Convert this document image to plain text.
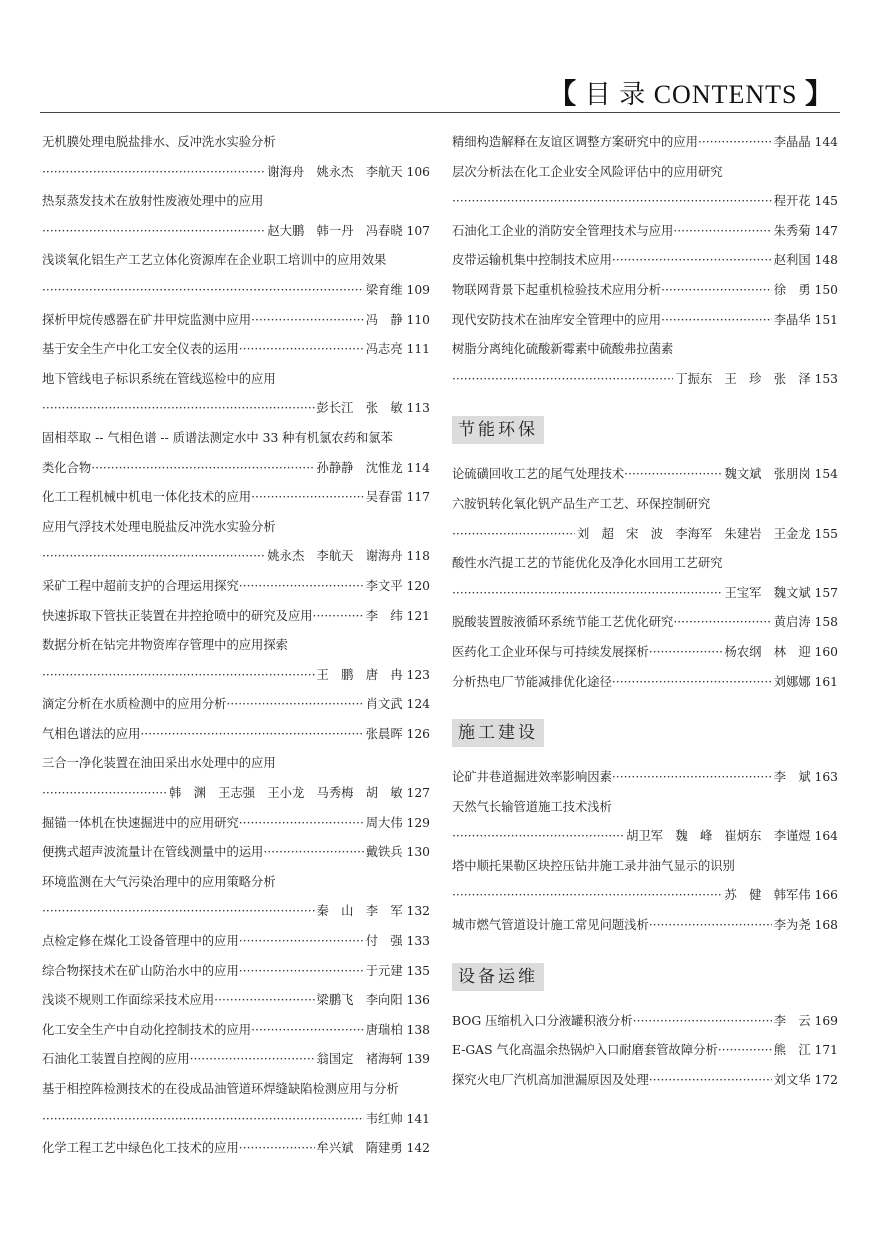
【 目 录 CONTENTS 】
无机膜处理电脱盐排水、反冲洗水实验分析
·····
谢海舟　姚永杰　李航天 106
热泵蒸发技术在放射性废液处理中的应用
·····
赵大鹏　韩一丹　冯春晓 107
浅谈氧化铝生产工艺立体化资源库在企业职工培训中的应用效果
·····
梁育维 109
探析甲烷传感器在矿井甲烷监测中应用 ·····	冯　静 110
基于安全生产中化工安全仪表的运用 ·····	冯志亮 111
地下管线电子标识系统在管线巡检中的应用
·····
彭长江　张　敏 113
固相萃取 -- 气相色谱 -- 质谱法测定水中 33 种有机氯农药和氯苯
类化合物 ·····	孙静静　沈惟龙 114
化工工程机械中机电一体化技术的应用 ·····	吴春雷 117
应用气浮技术处理电脱盐反冲洗水实验分析
·····
姚永杰　李航天　谢海舟 118
采矿工程中超前支护的合理运用探究 ·····	李文平 120
快速拆取下管扶正装置在井控抢喷中的研究及应用 ·····	李　纬 121
数据分析在钻完井物资库存管理中的应用探索
·····
王　鹏　唐　冉 123
滴定分析在水质检测中的应用分析 ·····	肖文武 124
气相色谱法的应用 ·····	张晨晖 126
三合一净化装置在油田采出水处理中的应用
·····
韩　渊　王志强　王小龙　马秀梅　胡　敏 127
掘锚一体机在快速掘进中的应用研究 ·····	周大伟 129
便携式超声波流量计在管线测量中的运用 ·····	戴铁兵 130
环境监测在大气污染治理中的应用策略分析
·····
秦　山　李　军 132
点检定修在煤化工设备管理中的应用 ·····	付　强 133
综合物探技术在矿山防治水中的应用 ·····	于元建 135
浅谈不规则工作面综采技术应用 ·····	梁鹏飞　李向阳 136
化工安全生产中自动化控制技术的应用 ·····	唐瑞柏 138
石油化工装置自控阀的应用 ·····	翁国定　褚海轲 139
基于相控阵检测技术的在役成品油管道环焊缝缺陷检测应用与分析
·····
韦红帅 141
化学工程工艺中绿色化工技术的应用 ·····	牟兴斌　隋建勇 142
精细构造解释在友谊区调整方案研究中的应用 ·····	李晶晶 144
层次分析法在化工企业安全风险评估中的应用研究
·····
程开花 145
石油化工企业的消防安全管理技术与应用 ·····	朱秀菊 147
皮带运输机集中控制技术应用 ·····	赵利国 148
物联网背景下起重机检验技术应用分析 ·····	徐　勇 150
现代安防技术在油库安全管理中的应用 ·····	李晶华 151
树脂分离纯化硫酸新霉素中硫酸弗拉菌素
·····
丁振东　王　珍　张　泽 153
节能环保
论硫磺回收工艺的尾气处理技术 ·····	魏文斌　张朋岗 154
六胺钒转化氧化钒产品生产工艺、环保控制研究
·····
刘　超　宋　波　李海军　朱建岩　王金龙 155
酸性水汽提工艺的节能优化及净化水回用工艺研究
·····
王宝军　魏文斌 157
脱酸装置胺液循环系统节能工艺优化研究 ·····	黄启涛 158
医药化工企业环保与可持续发展探析 ·····	杨农纲　林　迎 160
分析热电厂节能减排优化途径 ·····	刘娜娜 161
施工建设
论矿井巷道掘进效率影响因素 ·····	李　斌 163
天然气长输管道施工技术浅析
·····
胡卫军　魏　峰　崔炳东　李谨煜 164
塔中顺托果勒区块控压钻井施工录井油气显示的识别
·····
苏　健　韩军伟 166
城市燃气管道设计施工常见问题浅析 ·····	李为尧 168
设备运维
BOG 压缩机入口分液罐积液分析 ·····	李　云 169
E-GAS 气化高温余热锅炉入口耐磨套管故障分析 ·····	熊　江 171
探究火电厂汽机高加泄漏原因及处理 ·····	刘文华 172
